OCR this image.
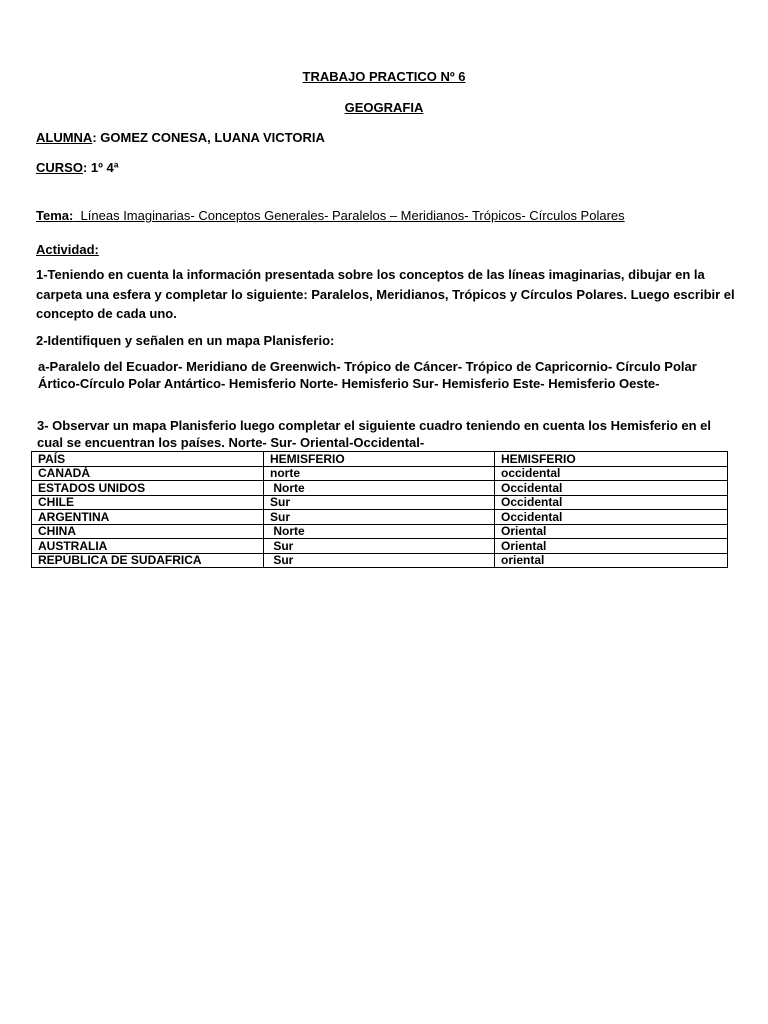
TRABAJO PRACTICO Nº 6

GEOGRAFIA

ALUMNA: GOMEZ CONESA, LUANA VICTORIA

CURSO: 1º 4ª

Tema:  Líneas Imaginarias- Conceptos Generales- Paralelos – Meridianos- Trópicos- Círculos Polares

Actividad:

1-Teniendo en cuenta la información presentada sobre los conceptos de las líneas imaginarias, dibujar en la carpeta una esfera y completar lo siguiente: Paralelos, Meridianos, Trópicos y Círculos Polares. Luego escribir el concepto de cada uno.

2-Identifiquen y señalen en un mapa Planisferio:

a-Paralelo del Ecuador- Meridiano de Greenwich- Trópico de Cáncer- Trópico de Capricornio- Círculo Polar Ártico-Círculo Polar Antártico- Hemisferio Norte- Hemisferio Sur- Hemisferio Este- Hemisferio Oeste-

3- Observar un mapa Planisferio luego completar el siguiente cuadro teniendo en cuenta los Hemisferio en el cual se encuentran los países. Norte- Sur- Oriental-Occidental-

PAÍS	HEMISFERIO	HEMISFERIO
CANADÁ	norte	occidental
ESTADOS UNIDOS	Norte	Occidental
CHILE	Sur	Occidental
ARGENTINA	Sur	Occidental
CHINA	Norte	Oriental
AUSTRALIA	Sur	Oriental
REPÚBLICA DE SUDAFRICA	Sur	oriental
